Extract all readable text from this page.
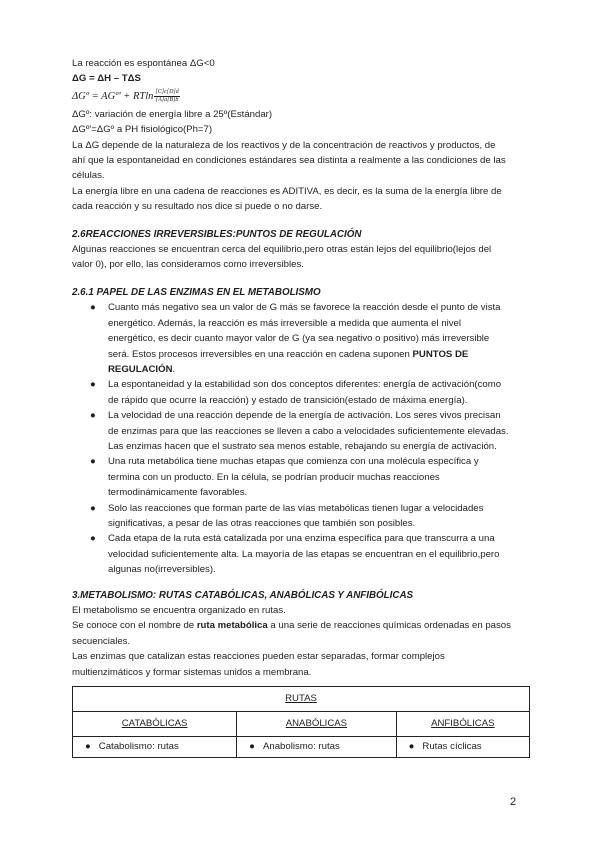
La reacción es espontánea ΔG<0
ΔG = ΔH – TΔS
ΔGº = AGº' + RTln $\frac{[C]c[D]d}{[A]a[B]b}$
ΔGº: variación de energía libre a 25º(Estándar)
ΔGº'=ΔGº a PH fisiológico(Ph=7)
La ΔG depende de la naturaleza de los reactivos y de la concentración de reactivos y productos, de
ahí que la espontaneidad en condiciones estándares sea distinta a realmente a las condiciones de las
células.
La energía libre en una cadena de reacciones es ADITIVA, es decir, es la suma de la energía libre de
cada reacción y su resultado nos dice si puede o no darse.
2.6REACCIONES IRREVERSIBLES:PUNTOS DE REGULACIÓN
Algunas reacciones se encuentran cerca del equilibrio,pero otras están lejos del equilibrio(lejos del
valor 0), por ello, las consideramos como irreversibles.
2.6.1 PAPEL DE LAS ENZIMAS EN EL METABOLISMO
● Cuanto más negativo sea un valor de G más se favorece la reacción desde el punto de vista
energético. Además, la reacción es más irreversible a medida que aumenta el nivel
energético, es decir cuanto mayor valor de G (ya sea negativo o positivo) más irreversible
será. Estos procesos irreversibles en una reacción en cadena suponen PUNTOS DE
REGULACIÓN.
● La espontaneidad y la estabilidad son dos conceptos diferentes: energía de activación(como
de rápido que ocurre la reacción) y estado de transición(estado de máxima energía).
● La velocidad de una reacción depende de la energía de activación. Los seres vivos precisan
de enzimas para que las reacciones se lleven a cabo a velocidades suficientemente elevadas.
Las enzimas hacen que el sustrato sea menos estable, rebajando su energía de activación.
● Una ruta metabólica tiene muchas etapas que comienza con una molécula específica y
termina con un producto. En la célula, se podrían producir muchas reacciones
termodinámicamente favorables.
● Solo las reacciones que forman parte de las vías metabólicas tienen lugar a velocidades
significativas, a pesar de las otras reacciones que también son posibles.
● Cada etapa de la ruta está catalizada por una enzima específica para que transcurra a una
velocidad suficientemente alta. La mayoría de las etapas se encuentran en el equilibrio,pero
algunas no(irreversibles).
3.METABOLISMO: RUTAS CATABÓLICAS, ANABÓLICAS Y ANFIBÓLICAS
El metabolismo se encuentra organizado en rutas.
Se conoce con el nombre de ruta metabólica a una serie de reacciones químicas ordenadas en pasos
secuenciales.
Las enzimas que catalizan estas reacciones pueden estar separadas, formar complejos
multienzimáticos y formar sistemas unidos a membrana.
RUTAS		
CATABÓLICAS	ANABÓLICAS	ANFIBÓLICAS
● Catabolismo: rutas	● Anabolismo: rutas	● Rutas cíclicas
2
